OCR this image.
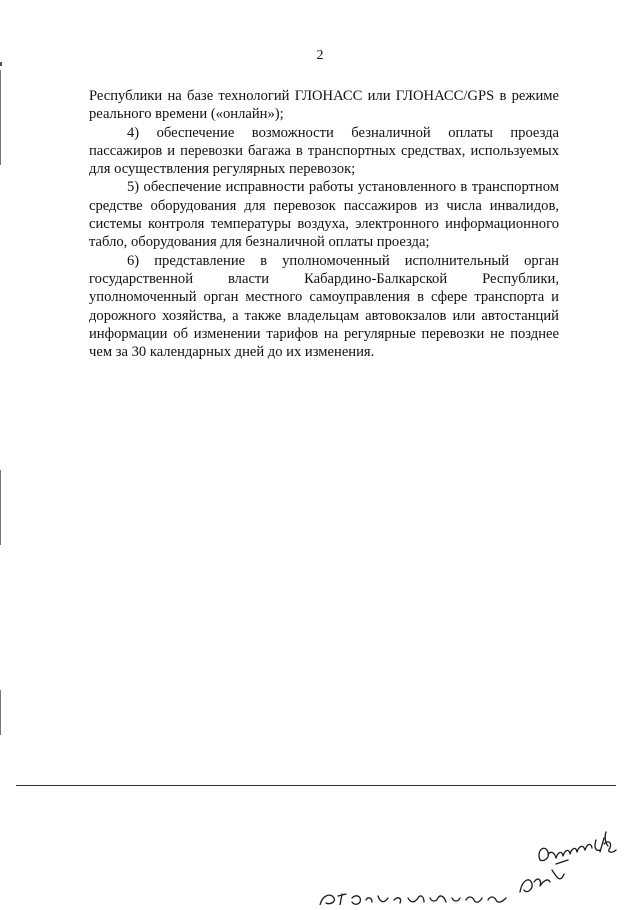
2

Республики на базе технологий ГЛОНАСС или ГЛОНАСС/GPS в режиме реального времени («онлайн»);

4) обеспечение возможности безналичной оплаты проезда пассажиров и перевозки багажа в транспортных средствах, используемых для осуществления регулярных перевозок;

5) обеспечение исправности работы установленного в транспортном средстве оборудования для перевозок пассажиров из числа инвалидов, системы контроля температуры воздуха, электронного информационного табло, оборудования для безналичной оплаты проезда;

6) представление в уполномоченный исполнительный орган государственной власти Кабардино-Балкарской Республики, уполномоченный орган местного самоуправления в сфере транспорта и дорожного хозяйства, а также владельцам автовокзалов или автостанций информации об изменении тарифов на регулярные перевозки не позднее чем за 30 календарных дней до их изменения.
